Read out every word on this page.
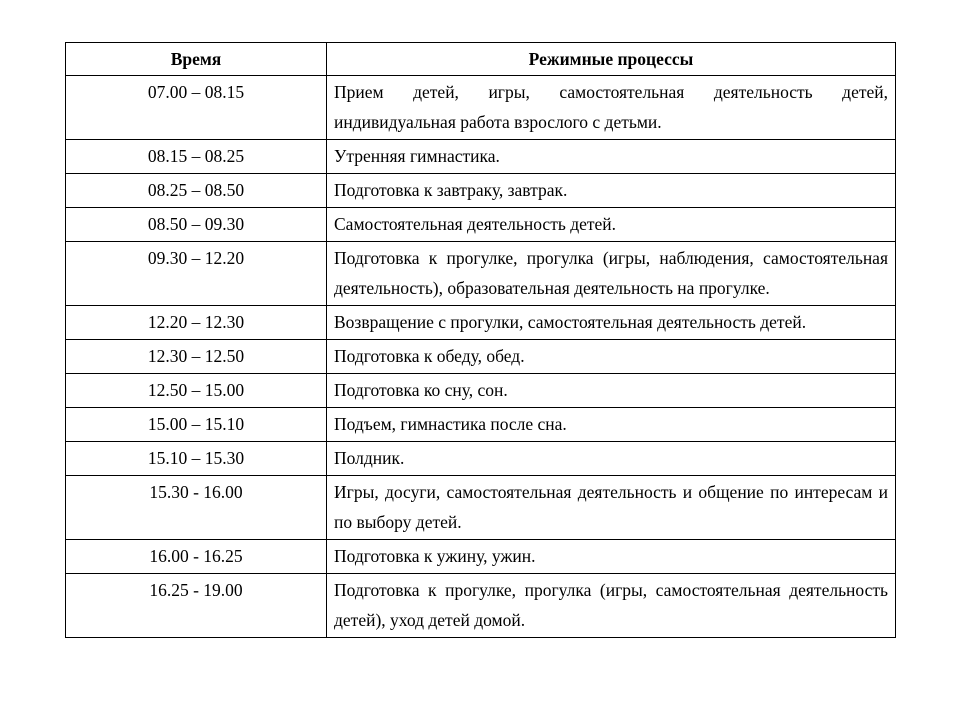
Время	Режимные процессы
07.00 – 08.15	Прием детей, игры, самостоятельная деятельность детей, индивидуальная работа взрослого с детьми.
08.15 – 08.25	Утренняя гимнастика.
08.25 – 08.50	Подготовка к завтраку, завтрак.
08.50 – 09.30	Самостоятельная деятельность детей.
09.30 – 12.20	Подготовка к прогулке, прогулка (игры, наблюдения, самостоятельная деятельность), образовательная деятельность на прогулке.
12.20 – 12.30	Возвращение с прогулки, самостоятельная деятельность детей.
12.30 – 12.50	Подготовка к обеду, обед.
12.50 – 15.00	Подготовка ко сну, сон.
15.00 – 15.10	Подъем, гимнастика после сна.
15.10 – 15.30	Полдник.
15.30 - 16.00	Игры, досуги, самостоятельная деятельность и общение по интересам и по выбору детей.
16.00 - 16.25	Подготовка к ужину, ужин.
16.25 - 19.00	Подготовка к прогулке, прогулка (игры, самостоятельная деятельность детей), уход детей домой.
